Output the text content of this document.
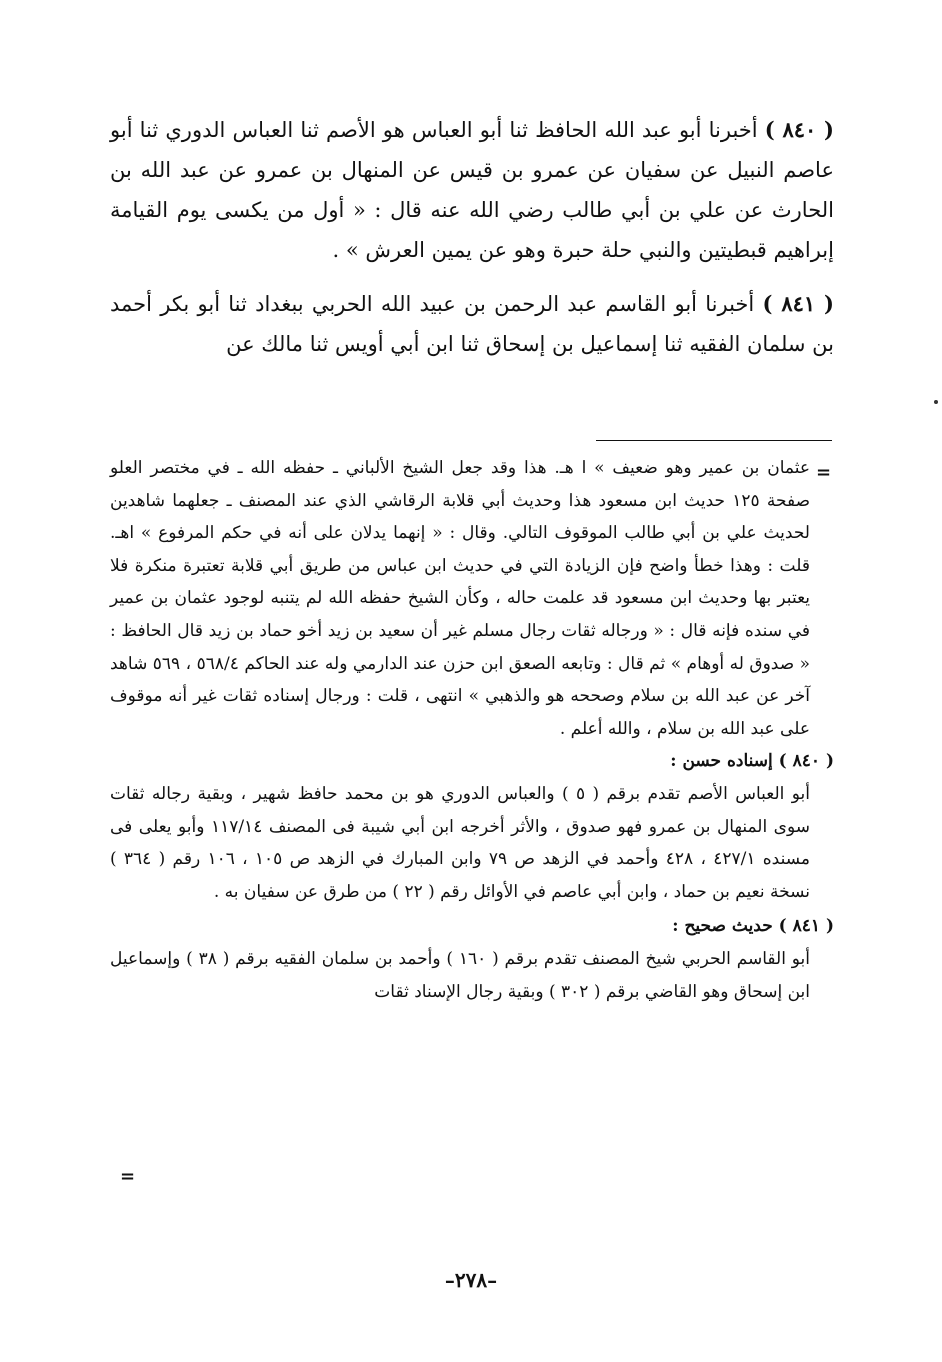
( ٨٤٠ ) أخبرنا أبو عبد الله الحافظ ثنا أبو العباس هو الأصم ثنا العباس الدوري ثنا أبو عاصم النبيل عن سفيان عن عمرو بن قيس عن المنهال بن عمرو عن عبد الله بن الحارث عن علي بن أبي طالب رضي الله عنه قال : « أول من يكسى يوم القيامة إبراهيم قبطيتين والنبي حلة حبرة وهو عن يمين العرش » .

( ٨٤١ ) أخبرنا أبو القاسم عبد الرحمن بن عبيد الله الحربي ببغداد ثنا أبو بكر أحمد بن سلمان الفقيه ثنا إسماعيل بن إسحاق ثنا ابن أبي أويس ثنا مالك عن

=

عثمان بن عمير وهو ضعيف » ا هـ. هذا وقد جعل الشيخ الألباني ـ حفظه الله ـ في مختصر العلو صفحة ١٢٥ حديث ابن مسعود هذا وحديث أبي قلابة الرقاشي الذي عند المصنف ـ جعلهما شاهدين لحديث علي بن أبي طالب الموقوف التالي. وقال : « إنهما يدلان على أنه في حكم المرفوع » اهـ. قلت : وهذا خطأ واضح فإن الزيادة التي في حديث ابن عباس من طريق أبي قلابة تعتبرة منكرة فلا يعتبر بها وحديث ابن مسعود قد علمت حاله ، وكأن الشيخ حفظه الله لم يتنبه لوجود عثمان بن عمير في سنده فإنه قال : « ورجاله ثقات رجال مسلم غير أن سعيد بن زيد أخو حماد بن زيد قال الحافظ : « صدوق له أوهام » ثم قال : وتابعه الصعق ابن حزن عند الدارمي وله عند الحاكم ٥٦٨/٤ ، ٥٦٩ شاهد آخر عن عبد الله بن سلام وصححه هو والذهبي » انتهى ، قلت : ورجال إسناده ثقات غير أنه موقوف على عبد الله بن سلام ، والله أعلم .

( ٨٤٠ ) إسناده حسن :

أبو العباس الأصم تقدم برقم ( ٥ ) والعباس الدوري هو بن محمد حافظ شهير ، وبقية رجاله ثقات سوى المنهال بن عمرو فهو صدوق ، والأثر أخرجه ابن أبي شيبة فى المصنف ١١٧/١٤ وأبو يعلى فى مسنده ٤٢٧/١ ، ٤٢٨ وأحمد في الزهد ص ٧٩ وابن المبارك في الزهد ص ١٠٥ ، ١٠٦ رقم ( ٣٦٤ ) نسخة نعيم بن حماد ، وابن أبي عاصم في الأوائل رقم ( ٢٢ ) من طرق عن سفيان به .

( ٨٤١ ) حديث صحيح :

أبو القاسم الحربي شيخ المصنف تقدم برقم ( ١٦٠ ) وأحمد بن سلمان الفقيه برقم ( ٣٨ ) وإسماعيل ابن إسحاق وهو القاضي برقم ( ٣٠٢ ) وبقية رجال الإسناد ثقات

=
–٢٧٨–
